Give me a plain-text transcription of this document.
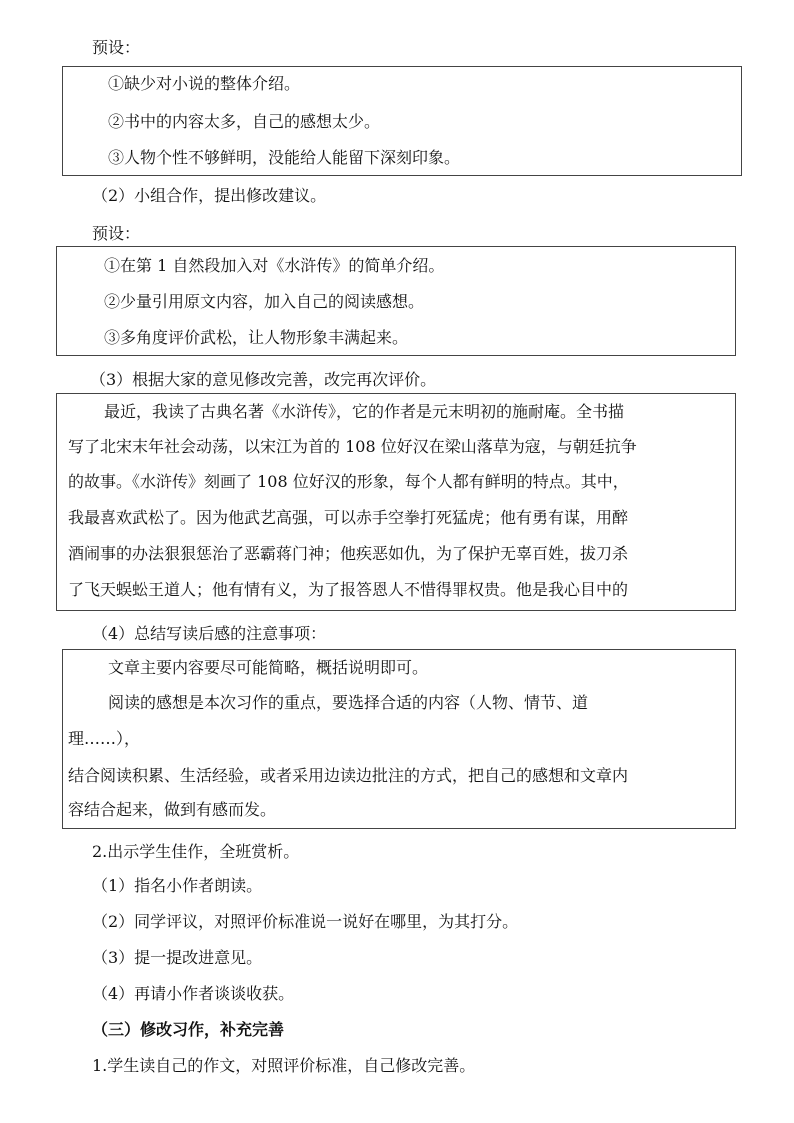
预设：
①缺少对小说的整体介绍。
②书中的内容太多，自己的感想太少。
③人物个性不够鲜明，没能给人能留下深刻印象。
（2）小组合作，提出修改建议。
预设：
①在第 1 自然段加入对《水浒传》的简单介绍。
②少量引用原文内容，加入自己的阅读感想。
③多角度评价武松，让人物形象丰满起来。
（3）根据大家的意见修改完善，改完再次评价。
最近，我读了古典名著《水浒传》，它的作者是元末明初的施耐庵。全书描
写了北宋末年社会动荡，以宋江为首的 108 位好汉在梁山落草为寇，与朝廷抗争
的故事。《水浒传》刻画了 108 位好汉的形象，每个人都有鲜明的特点。其中，
我最喜欢武松了。因为他武艺高强，可以赤手空拳打死猛虎；他有勇有谋，用醉
酒闹事的办法狠狠惩治了恶霸蒋门神；他疾恶如仇，为了保护无辜百姓，拔刀杀
了飞天蜈蚣王道人；他有情有义，为了报答恩人不惜得罪权贵。他是我心目中的
（4）总结写读后感的注意事项：
文章主要内容要尽可能简略，概括说明即可。
阅读的感想是本次习作的重点，要选择合适的内容（人物、情节、道
理……），
结合阅读积累、生活经验，或者采用边读边批注的方式，把自己的感想和文章内
容结合起来，做到有感而发。
2.出示学生佳作，全班赏析。
（1）指名小作者朗读。
（2）同学评议，对照评价标准说一说好在哪里，为其打分。
（3）提一提改进意见。
（4）再请小作者谈谈收获。
（三）修改习作，补充完善
1.学生读自己的作文，对照评价标准，自己修改完善。
